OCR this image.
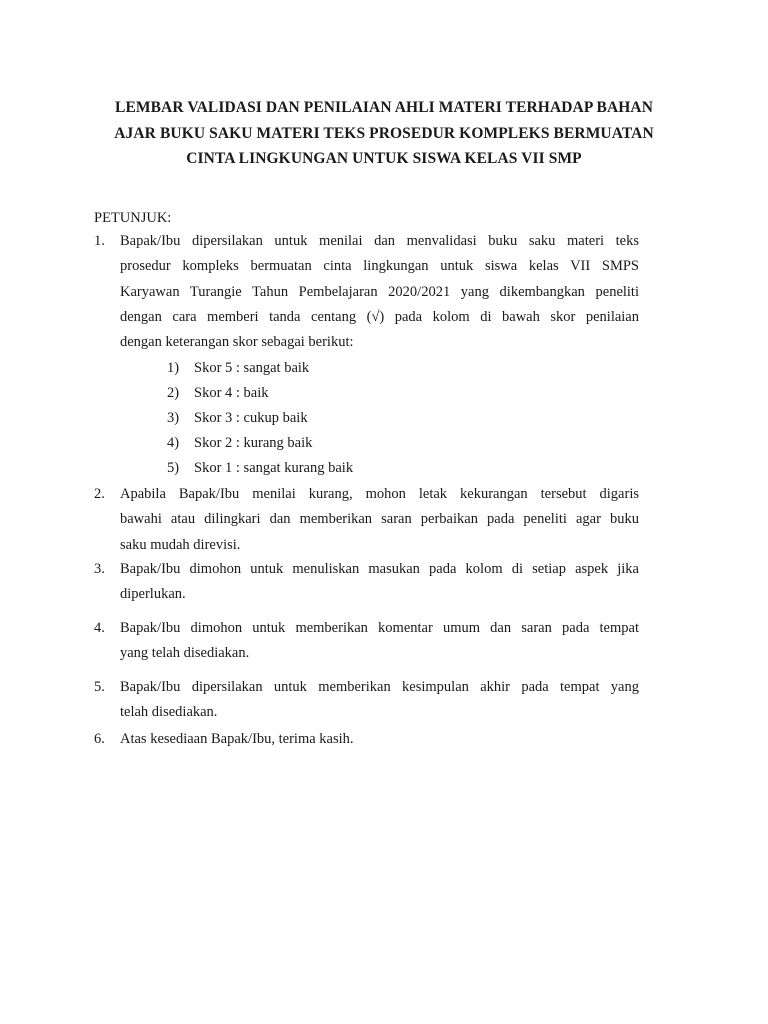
LEMBAR VALIDASI DAN PENILAIAN AHLI MATERI TERHADAP BAHAN
AJAR BUKU SAKU MATERI TEKS PROSEDUR KOMPLEKS BERMUATAN
CINTA LINGKUNGAN UNTUK SISWA KELAS VII SMP
PETUNJUK:
1. Bapak/Ibu dipersilakan untuk menilai dan menvalidasi buku saku materi teks
prosedur kompleks bermuatan cinta lingkungan untuk siswa kelas VII SMPS
Karyawan Turangie Tahun Pembelajaran 2020/2021 yang dikembangkan peneliti
dengan cara memberi tanda centang (√) pada kolom di bawah skor penilaian
dengan keterangan skor sebagai berikut:
1) Skor 5 : sangat baik
2) Skor 4 : baik
3) Skor 3 : cukup baik
4) Skor 2 : kurang baik
5) Skor 1 : sangat kurang baik
2. Apabila Bapak/Ibu menilai kurang, mohon letak kekurangan tersebut digaris
bawahi atau dilingkari dan memberikan saran perbaikan pada peneliti agar buku
saku mudah direvisi.
3. Bapak/Ibu dimohon untuk menuliskan masukan pada kolom di setiap aspek jika
diperlukan.
4. Bapak/Ibu dimohon untuk memberikan komentar umum dan saran pada tempat
yang telah disediakan.
5. Bapak/Ibu dipersilakan untuk memberikan kesimpulan akhir pada tempat yang
telah disediakan.
6. Atas kesediaan Bapak/Ibu, terima kasih.
